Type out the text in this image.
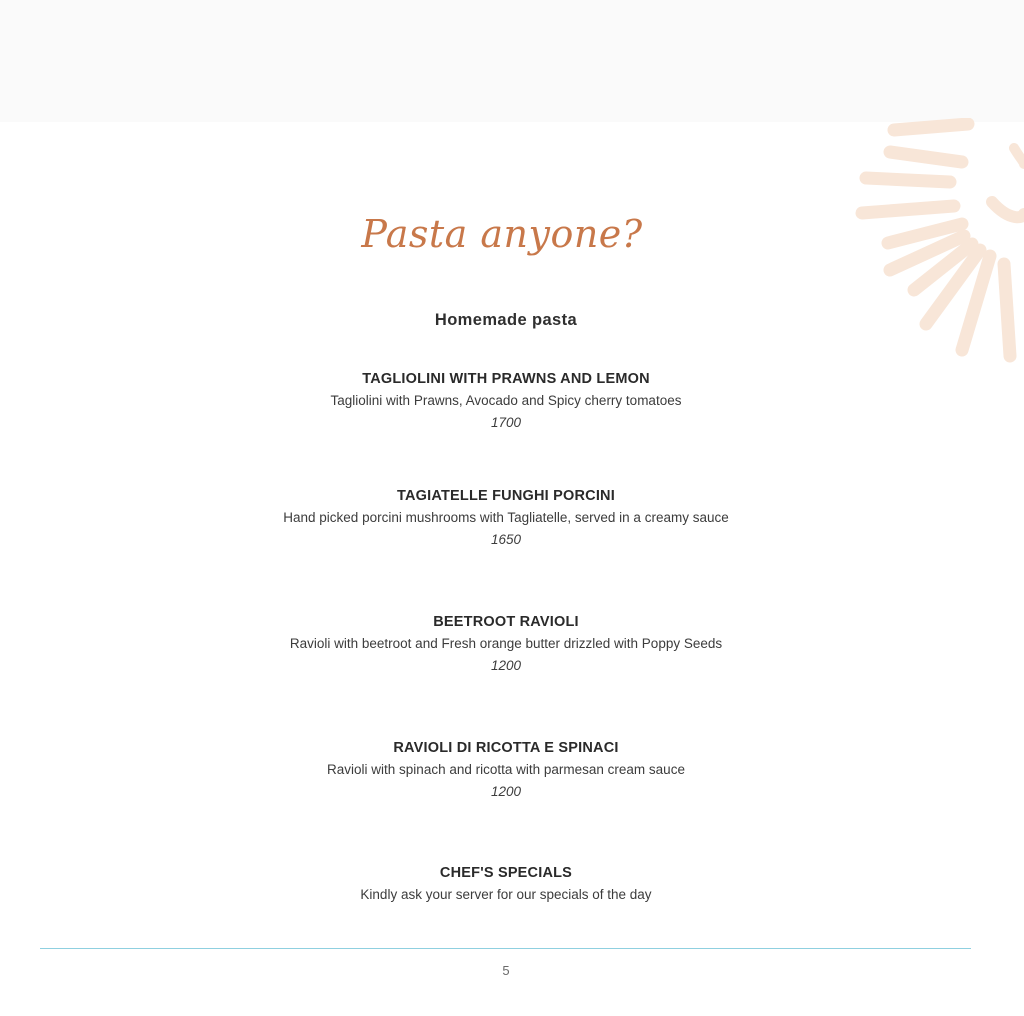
Pasta anyone?
Homemade pasta
TAGLIOLINI WITH PRAWNS AND LEMON
Tagliolini with Prawns, Avocado and Spicy cherry tomatoes
1700
TAGIATELLE FUNGHI PORCINI
Hand picked porcini mushrooms with Tagliatelle, served in a creamy sauce
1650
BEETROOT RAVIOLI
Ravioli with beetroot and Fresh orange butter drizzled with Poppy Seeds
1200
RAVIOLI DI RICOTTA E SPINACI
Ravioli with spinach and ricotta with parmesan cream sauce
1200
CHEF'S SPECIALS
Kindly ask your server for our specials of the day
5
